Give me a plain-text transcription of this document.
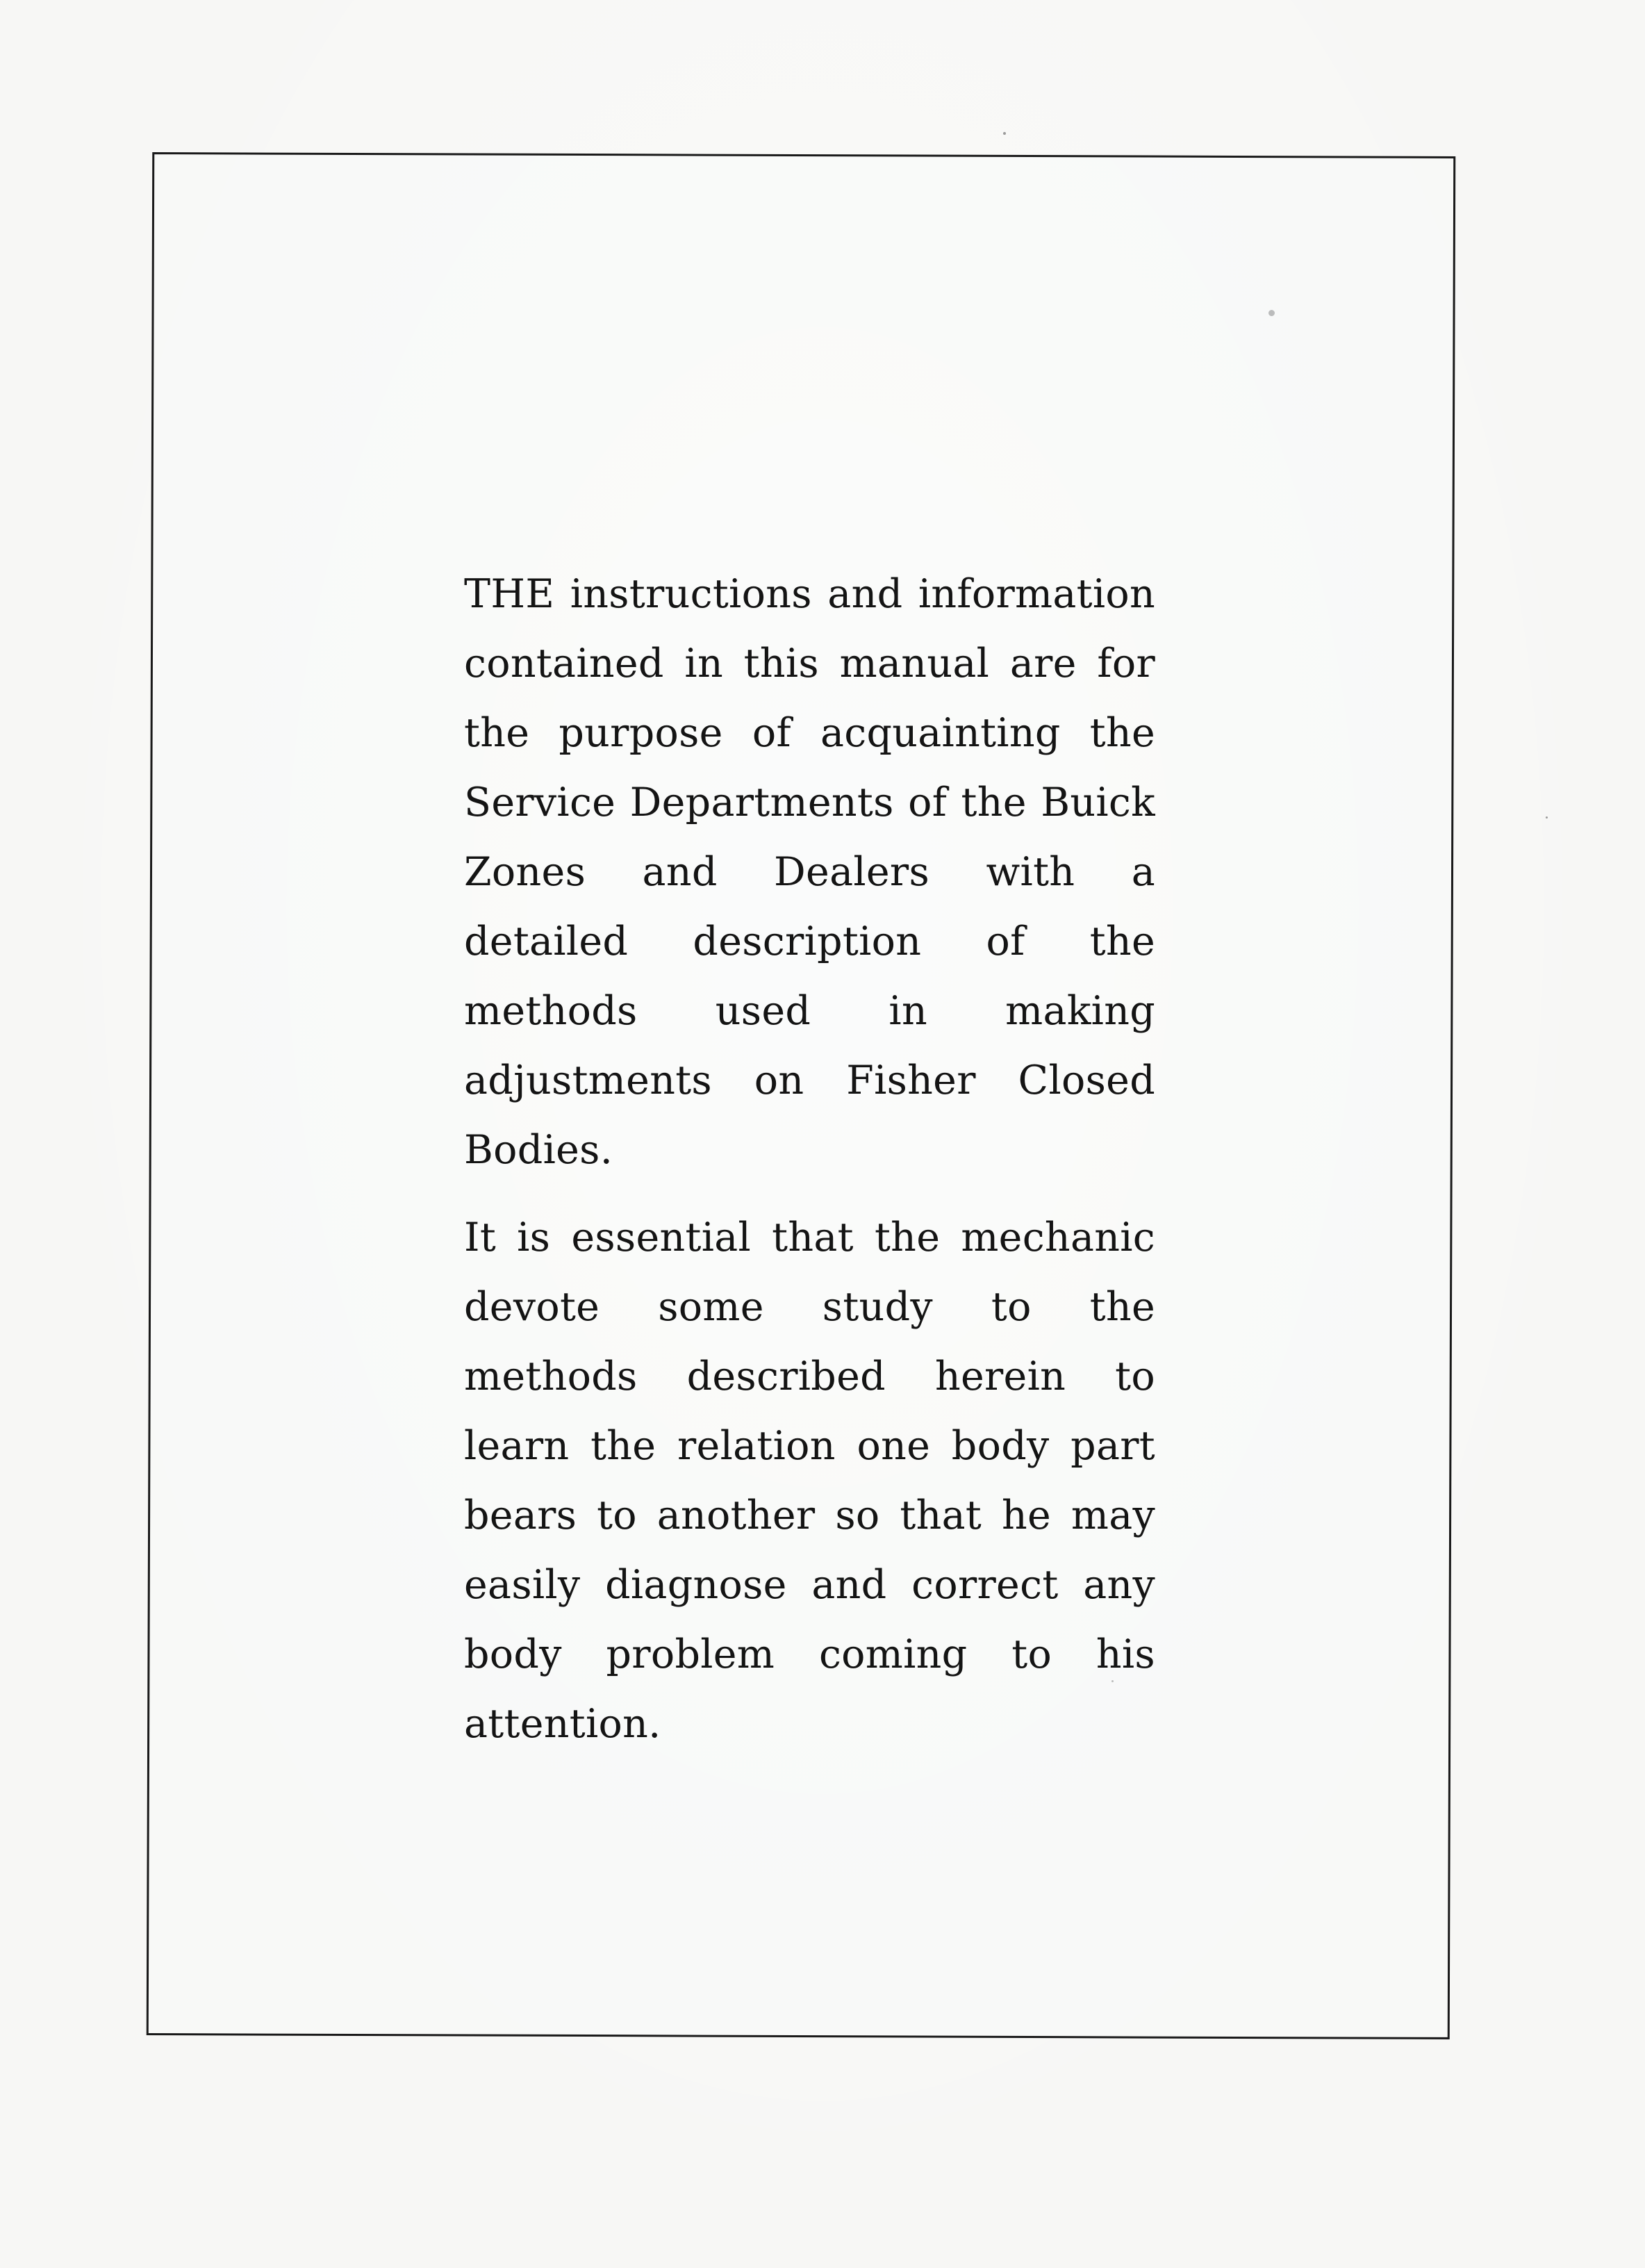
THE instructions and information contained in this manual are for the purpose of acquainting the Service Departments of the Buick Zones and Dealers with a detailed description of the methods used in making adjustments on Fisher Closed Bodies.

It is essential that the mechanic devote some study to the methods described herein to learn the relation one body part bears to another so that he may easily diagnose and correct any body problem coming to his attention.
